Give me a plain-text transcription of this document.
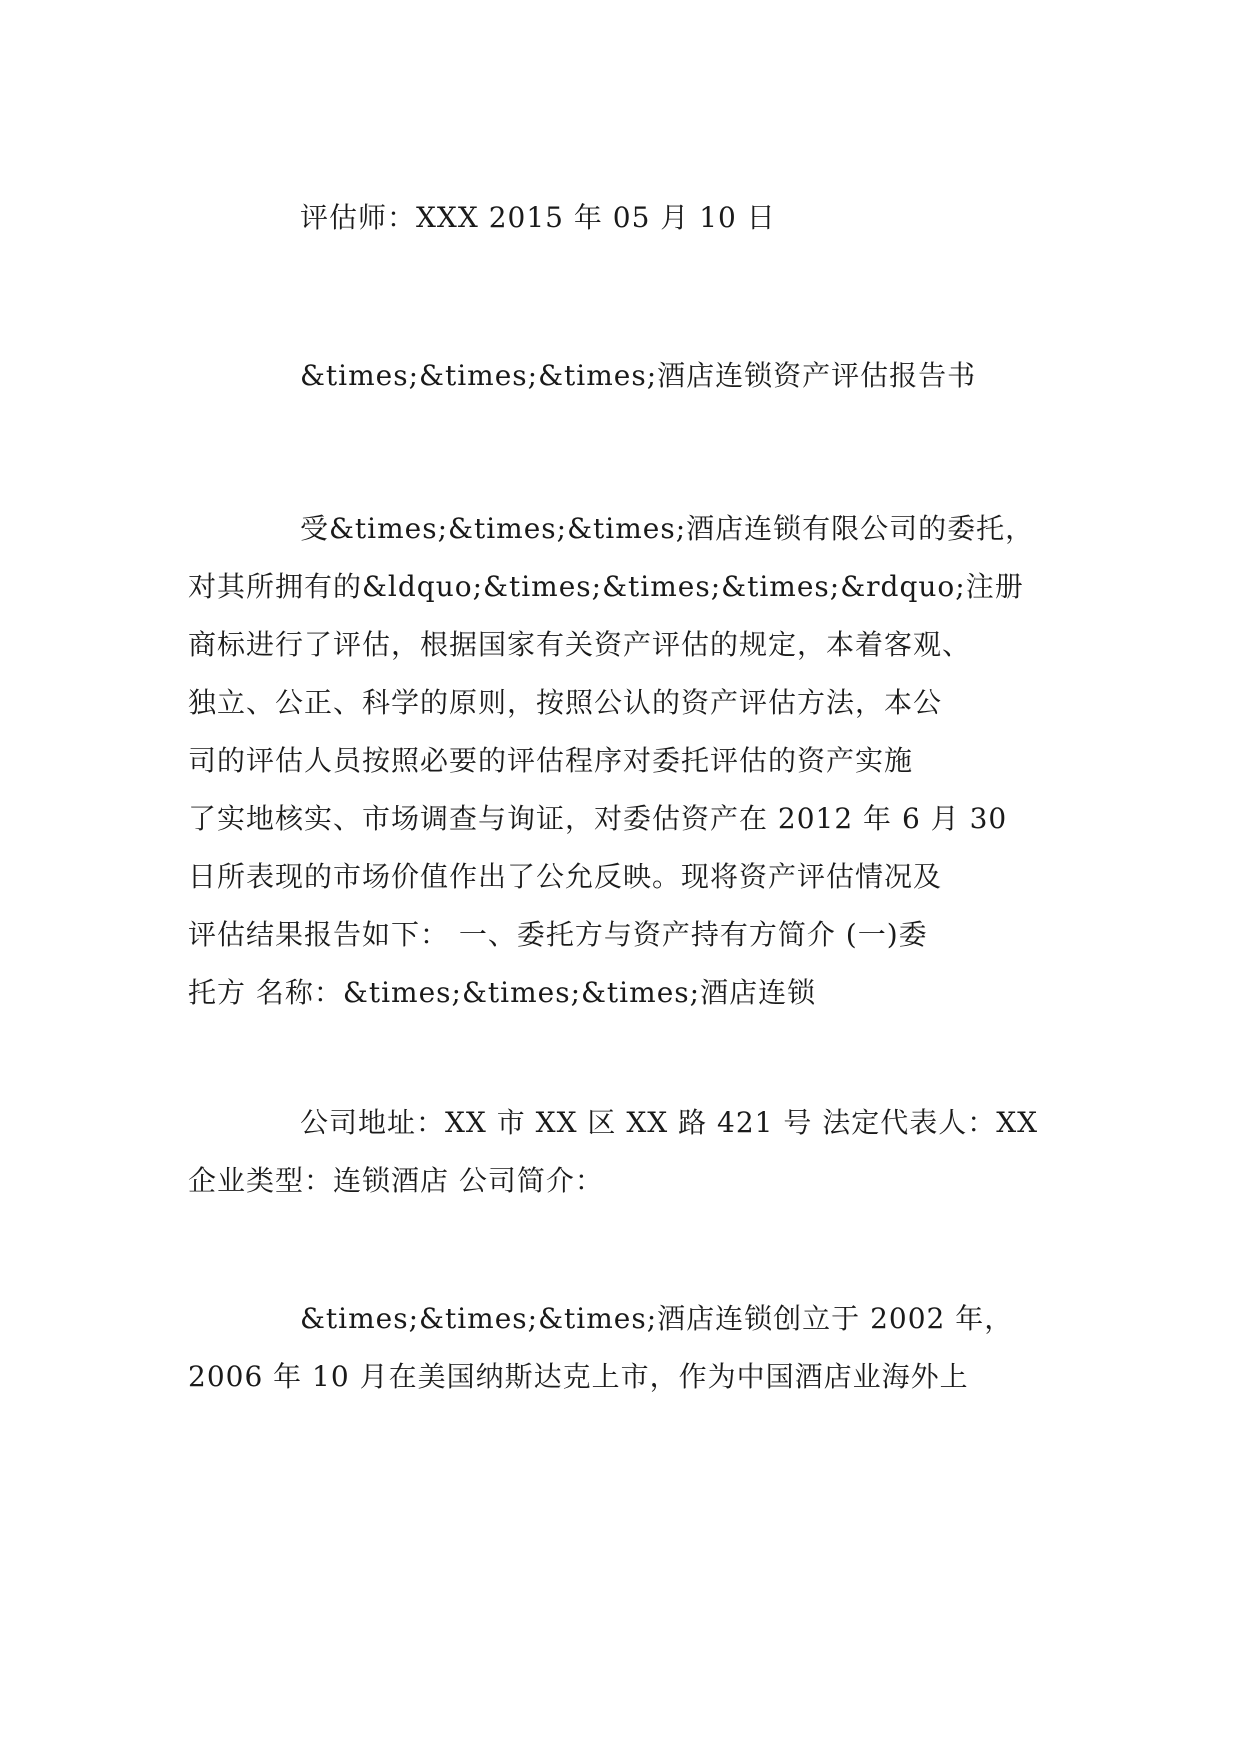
评估师：XXX 2015 年 05 月 10 日
&times;&times;&times;酒店连锁资产评估报告书
受&times;&times;&times;酒店连锁有限公司的委托，
对其所拥有的&ldquo;&times;&times;&times;&rdquo;注册
商标进行了评估，根据国家有关资产评估的规定，本着客观、
独立、公正、科学的原则，按照公认的资产评估方法，本公
司的评估人员按照必要的评估程序对委托评估的资产实施
了实地核实、市场调查与询证，对委估资产在 2012 年 6 月 30
日所表现的市场价值作出了公允反映。现将资产评估情况及
评估结果报告如下： 一、委托方与资产持有方简介 (一)委
托方 名称：&times;&times;&times;酒店连锁
公司地址：XX 市 XX 区 XX 路 421 号 法定代表人：XX
企业类型：连锁酒店 公司简介：
&times;&times;&times;酒店连锁创立于 2002 年，
2006 年 10 月在美国纳斯达克上市，作为中国酒店业海外上
